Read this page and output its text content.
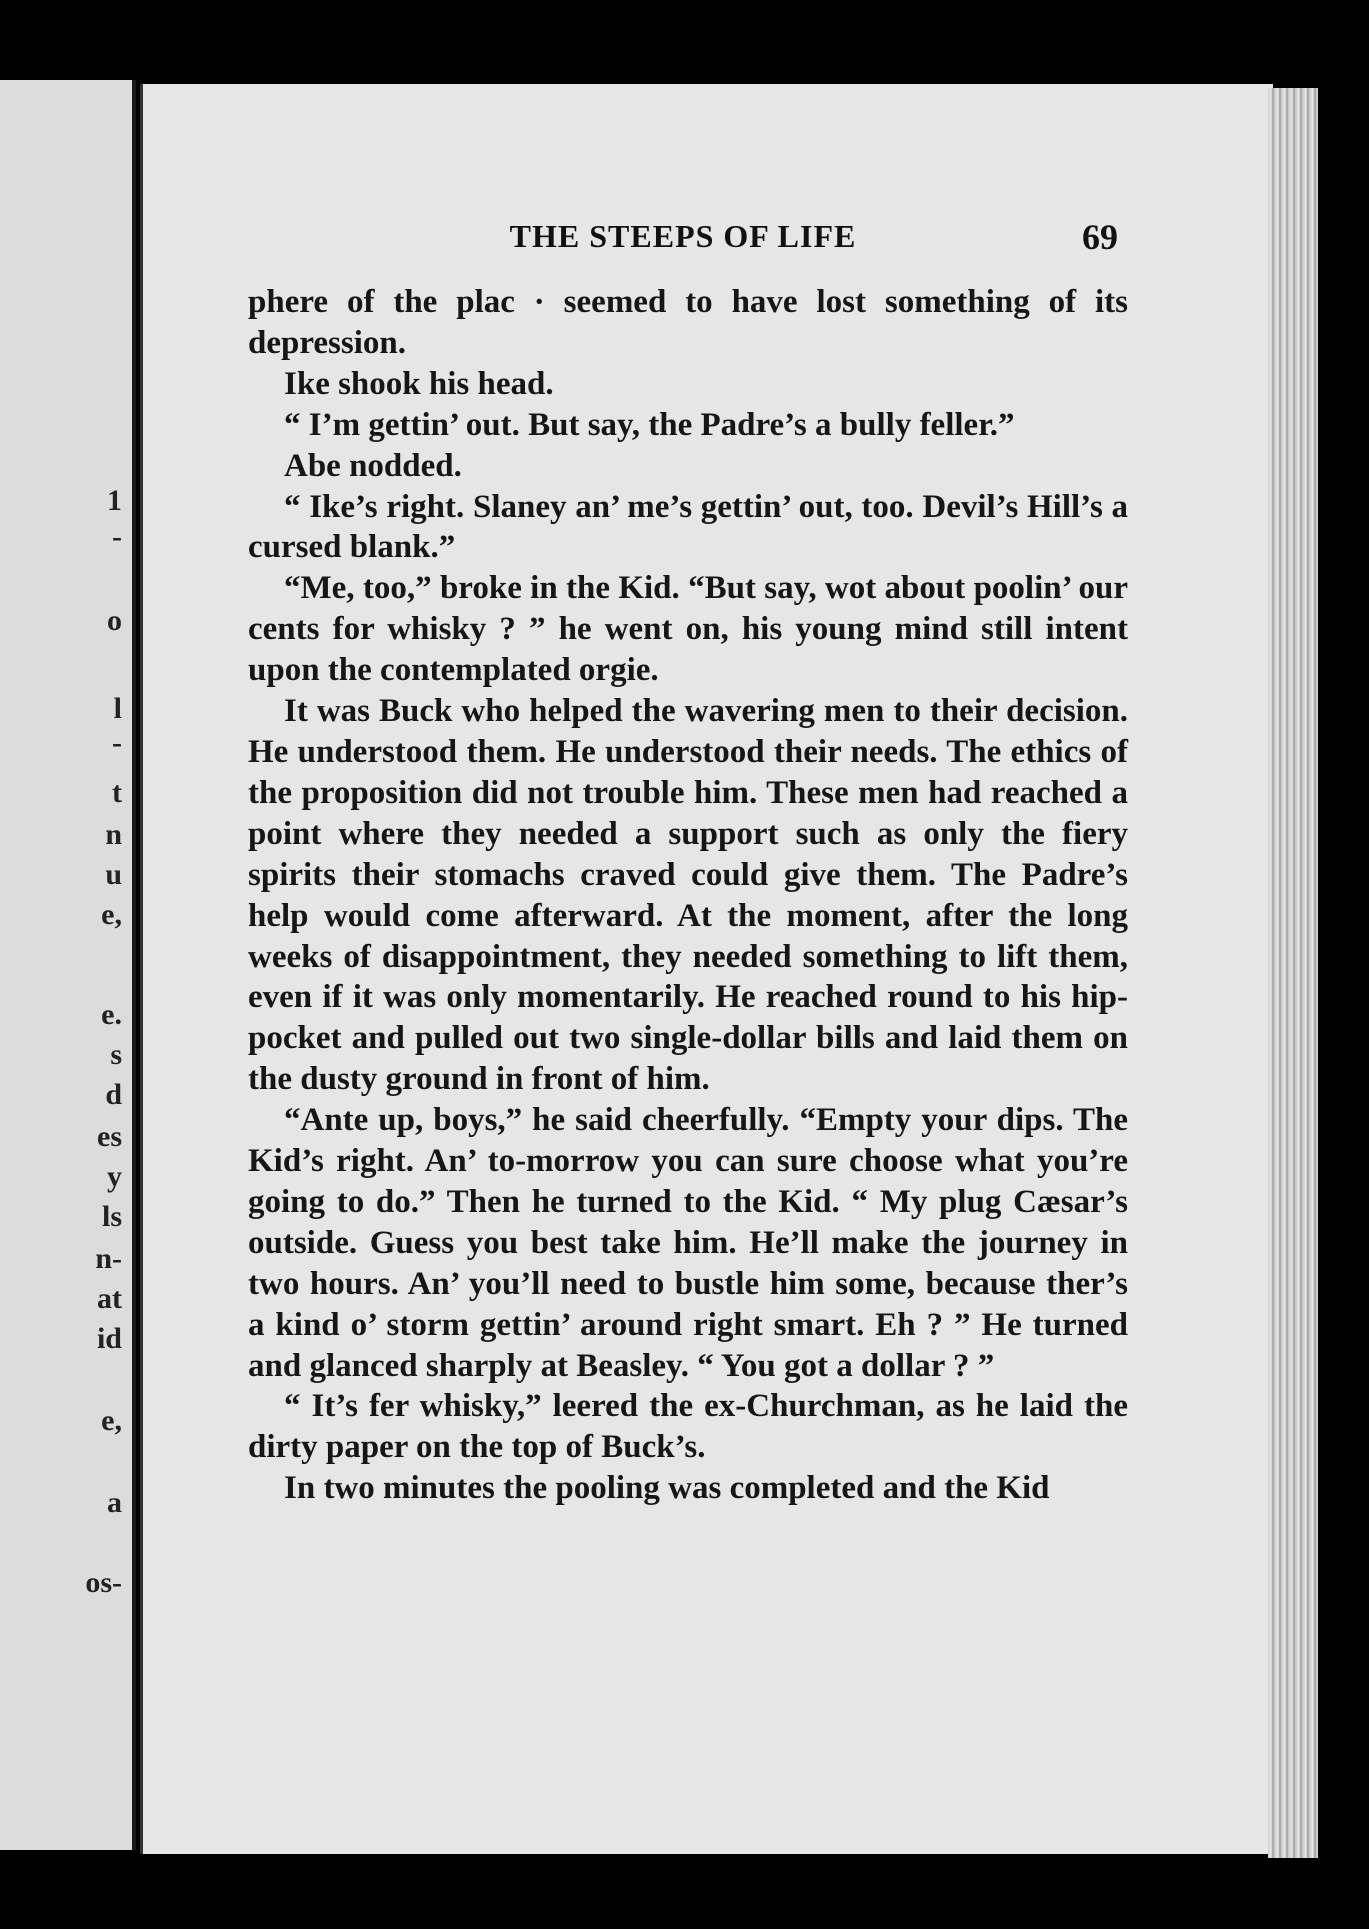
1
-
o
l
-
t
n
u
e,
e.
s
d
es
y
ls
n-
at
id
e,
a
os-
THE STEEPS OF LIFE	69

phere of the plac · seemed to have lost something of its depression.

Ike shook his head.

“ I’m gettin’ out. But say, the Padre’s a bully feller.”

Abe nodded.

“ Ike’s right. Slaney an’ me’s gettin’ out, too. Devil’s Hill’s a cursed blank.”

“Me, too,” broke in the Kid. “But say, wot about poolin’ our cents for whisky ? ” he went on, his young mind still intent upon the contemplated orgie.

It was Buck who helped the wavering men to their decision. He understood them. He understood their needs. The ethics of the proposition did not trouble him. These men had reached a point where they needed a support such as only the fiery spirits their stomachs craved could give them. The Padre’s help would come afterward. At the moment, after the long weeks of disappointment, they needed something to lift them, even if it was only momentarily. He reached round to his hip-pocket and pulled out two single-dollar bills and laid them on the dusty ground in front of him.

“Ante up, boys,” he said cheerfully. “Empty your dips. The Kid’s right. An’ to-morrow you can sure choose what you’re going to do.” Then he turned to the Kid. “ My plug Cæsar’s outside. Guess you best take him. He’ll make the journey in two hours. An’ you’ll need to bustle him some, because ther’s a kind o’ storm gettin’ around right smart. Eh ? ” He turned and glanced sharply at Beasley. “ You got a dollar ? ”

“ It’s fer whisky,” leered the ex-Churchman, as he laid the dirty paper on the top of Buck’s.

In two minutes the pooling was completed and the Kid
